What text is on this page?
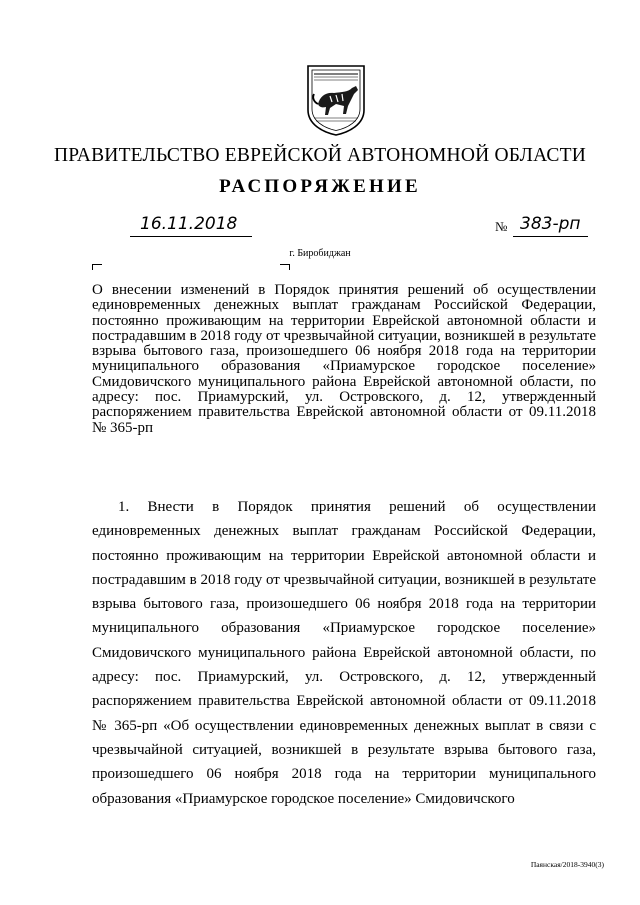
ПРАВИТЕЛЬСТВО ЕВРЕЙСКОЙ АВТОНОМНОЙ ОБЛАСТИ
РАСПОРЯЖЕНИЕ
16.11.2018	№ 383-рп
г. Биробиджан

О внесении изменений в Порядок принятия решений об осуществлении единовременных денежных выплат гражданам Российской Федерации, постоянно проживающим на территории Еврейской автономной области и пострадавшим в 2018 году от чрезвычайной ситуации, возникшей в результате взрыва бытового газа, произошедшего 06 ноября 2018 года на территории муниципального образования «Приамурское городское поселение» Смидовичского муниципального района Еврейской автономной области, по адресу: пос. Приамурский, ул. Островского, д. 12, утвержденный распоряжением правительства Еврейской автономной области от 09.11.2018 № 365-рп

1. Внести в Порядок принятия решений об осуществлении единовременных денежных выплат гражданам Российской Федерации, постоянно проживающим на территории Еврейской автономной области и пострадавшим в 2018 году от чрезвычайной ситуации, возникшей в результате взрыва бытового газа, произошедшего 06 ноября 2018 года на территории муниципального образования «Приамурское городское поселение» Смидовичского муниципального района Еврейской автономной области, по адресу: пос. Приамурский, ул. Островского, д. 12, утвержденный распоряжением правительства Еврейской автономной области от 09.11.2018 № 365-рп «Об осуществлении единовременных денежных выплат в связи с чрезвычайной ситуацией, возникшей в результате взрыва бытового газа, произошедшего 06 ноября 2018 года на территории муниципального образования «Приамурское городское поселение» Смидовичского

Паянская/2018-3940(3)
